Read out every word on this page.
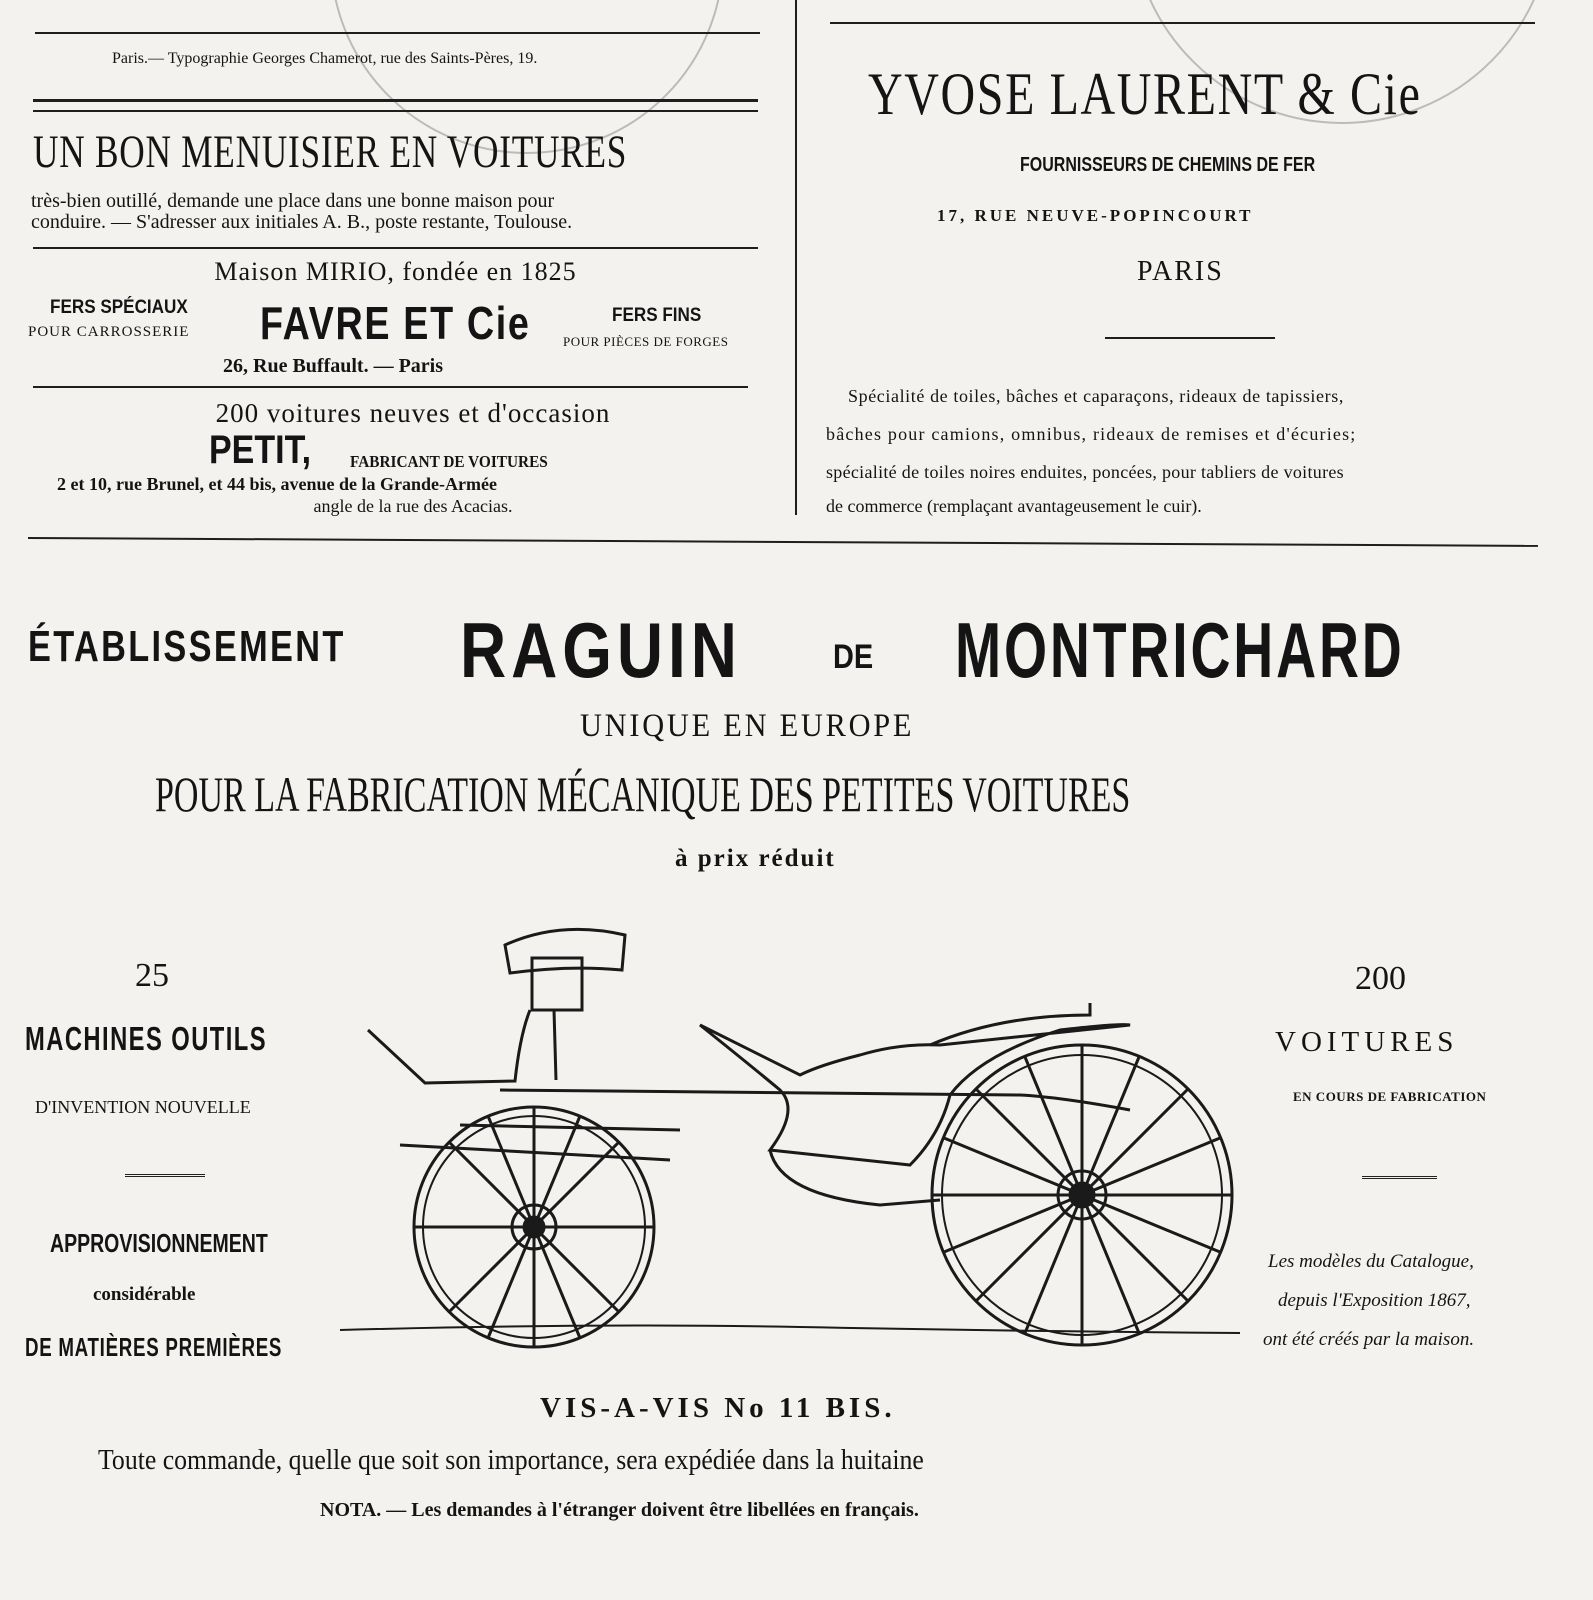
Paris.— Typographie Georges Chamerot, rue des Saints-Pères, 19.
UN BON MENUISIER EN VOITURES
très-bien outillé, demande une place dans une bonne maison pour
conduire. — S'adresser aux initiales A. B., poste restante, Toulouse.
Maison MIRIO, fondée en 1825
FERS SPÉCIAUX
POUR CARROSSERIE FAVRE ET Cie	FERS FINS
POUR PIÈCES DE FORGES
26, Rue Buffault. — Paris
200 voitures neuves et d'occasion
PETIT, FABRICANT DE VOITURES
2 et 10, rue Brunel, et 44 bis, avenue de la Grande-Armée
angle de la rue des Acacias.
YVOSE LAURENT & Cie
FOURNISSEURS DE CHEMINS DE FER
17, RUE NEUVE-POPINCOURT
PARIS
Spécialité de toiles, bâches et caparaçons, rideaux de tapissiers,
bâches pour camions, omnibus, rideaux de remises et d'écuries;
spécialité de toiles noires enduites, poncées, pour tabliers de voitures
de commerce (remplaçant avantageusement le cuir).
ÉTABLISSEMENT RAGUIN	DE MONTRICHARD
UNIQUE EN EUROPE
POUR LA FABRICATION MÉCANIQUE DES PETITES VOITURES
à prix réduit
25
MACHINES OUTILS
D'INVENTION NOUVELLE
APPROVISIONNEMENT
considérable
DE MATIÈRES PREMIÈRES
200
VOITURES
EN COURS DE FABRICATION
Les modèles du Catalogue,
depuis l'Exposition 1867,
ont été créés par la maison.
VIS-A-VIS No 11 BIS.
Toute commande, quelle que soit son importance, sera expédiée dans la huitaine
NOTA. — Les demandes à l'étranger doivent être libellées en français.
